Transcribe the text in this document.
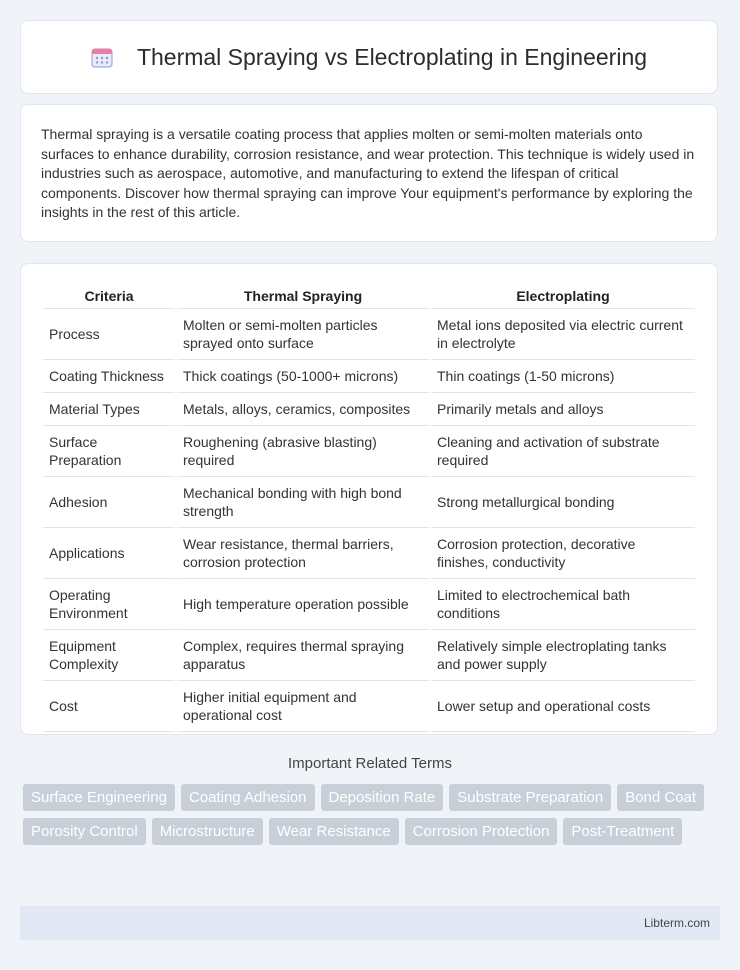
Thermal Spraying vs Electroplating in Engineering

Thermal spraying is a versatile coating process that applies molten or semi-molten materials onto surfaces to enhance durability, corrosion resistance, and wear protection. This technique is widely used in industries such as aerospace, automotive, and manufacturing to extend the lifespan of critical components. Discover how thermal spraying can improve Your equipment's performance by exploring the insights in the rest of this article.

Criteria	Thermal Spraying	Electroplating
Process	Molten or semi-molten particles sprayed onto surface	Metal ions deposited via electric current in electrolyte
Coating Thickness	Thick coatings (50-1000+ microns)	Thin coatings (1-50 microns)
Material Types	Metals, alloys, ceramics, composites	Primarily metals and alloys
Surface Preparation	Roughening (abrasive blasting) required	Cleaning and activation of substrate required
Adhesion	Mechanical bonding with high bond strength	Strong metallurgical bonding
Applications	Wear resistance, thermal barriers, corrosion protection	Corrosion protection, decorative finishes, conductivity
Operating Environment	High temperature operation possible	Limited to electrochemical bath conditions
Equipment Complexity	Complex, requires thermal spraying apparatus	Relatively simple electroplating tanks and power supply
Cost	Higher initial equipment and operational cost	Lower setup and operational costs
Important Related Terms
Surface Engineering	Coating Adhesion	Deposition Rate	Substrate Preparation	Bond Coat
Porosity Control	Microstructure	Wear Resistance	Corrosion Protection	Post-Treatment
Libterm.com
